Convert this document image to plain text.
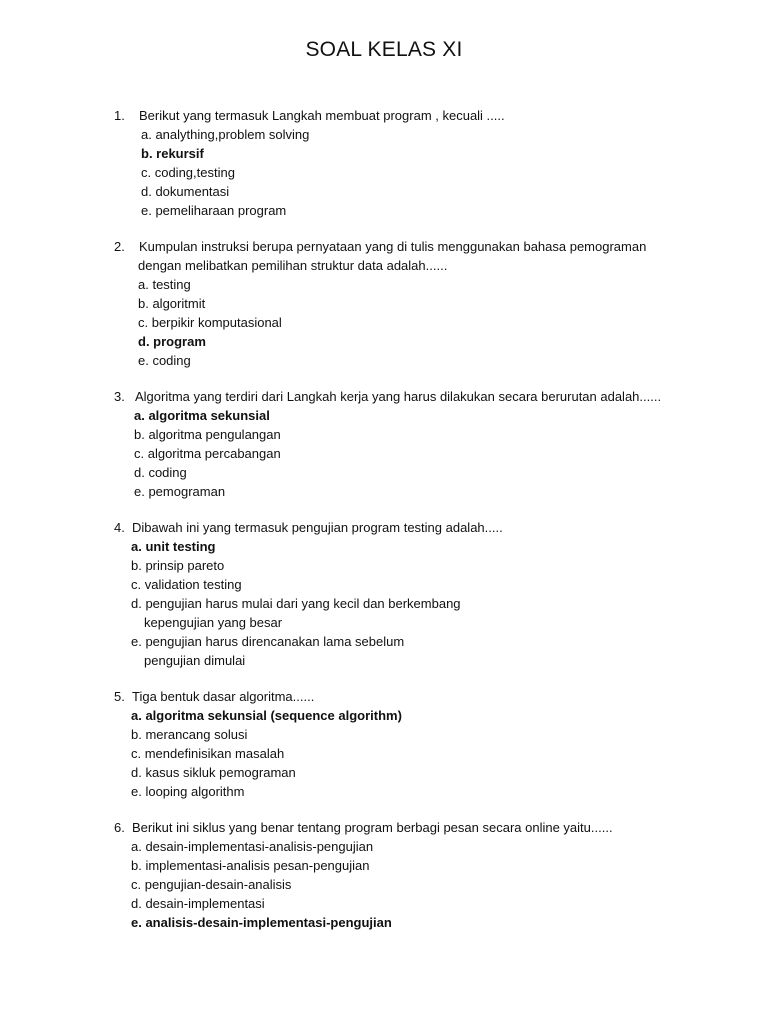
SOAL KELAS XI
1. Berikut yang termasuk Langkah membuat program , kecuali .....
a. analything,problem solving
b. rekursif
c. coding,testing
d. dokumentasi
e. pemeliharaan program
2. Kumpulan instruksi berupa pernyataan yang di tulis menggunakan bahasa pemograman
dengan melibatkan pemilihan struktur data adalah......
a. testing
b. algoritmit
c. berpikir komputasional
d. program
e. coding
3. Algoritma yang terdiri dari Langkah kerja yang harus dilakukan secara berurutan adalah......
a. algoritma sekunsial
b. algoritma pengulangan
c. algoritma percabangan
d. coding
e. pemograman
4. Dibawah ini yang termasuk pengujian program testing adalah.....
a. unit testing
b. prinsip pareto
c. validation testing
d. pengujian harus mulai dari yang kecil dan berkembang
kepengujian yang besar
e. pengujian harus direncanakan lama sebelum
pengujian dimulai
5. Tiga bentuk dasar algoritma......
a. algoritma sekunsial (sequence algorithm)
b. merancang solusi
c. mendefinisikan masalah
d. kasus sikluk pemograman
e. looping algorithm
6. Berikut ini siklus yang benar tentang program berbagi pesan secara online yaitu......
a. desain-implementasi-analisis-pengujian
b. implementasi-analisis pesan-pengujian
c. pengujian-desain-analisis
d. desain-implementasi
e. analisis-desain-implementasi-pengujian
